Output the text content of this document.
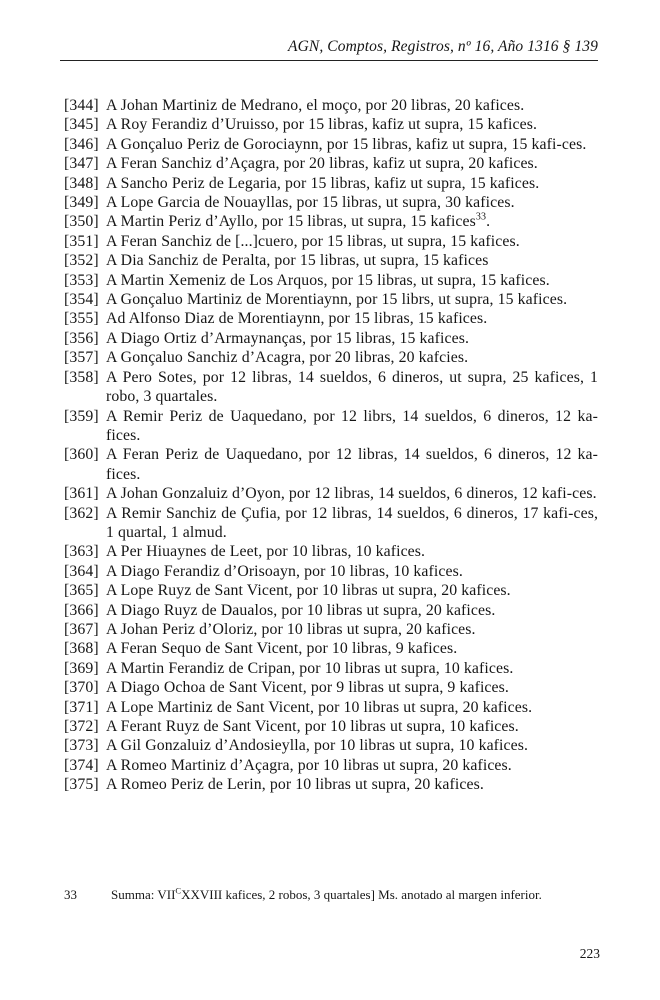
AGN, Comptos, Registros, nº 16, Año 1316 § 139
[344] A Johan Martiniz de Medrano, el moço, por 20 libras, 20 kafices.
[345] A Roy Ferandiz d’Uruisso, por 15 libras, kafiz ut supra, 15 kafices.
[346] A Gonçaluo Periz de Gorociaynn, por 15 libras, kafiz ut supra, 15 kafi-ces.
[347] A Feran Sanchiz d’Açagra, por 20 libras, kafiz ut supra, 20 kafices.
[348] A Sancho Periz de Legaria, por 15 libras, kafiz ut supra, 15 kafices.
[349] A Lope Garcia de Nouayllas, por 15 libras, ut supra, 30 kafices.
[350] A Martin Periz d’Ayllo, por 15 libras, ut supra, 15 kafices$^{33}$.
[351] A Feran Sanchiz de [...]cuero, por 15 libras, ut supra, 15 kafices.
[352] A Dia Sanchiz de Peralta, por 15 libras, ut supra, 15 kafices
[353] A Martin Xemeniz de Los Arquos, por 15 libras, ut supra, 15 kafices.
[354] A Gonçaluo Martiniz de Morentiaynn, por 15 librs, ut supra, 15 kafices.
[355] Ad Alfonso Diaz de Morentiaynn, por 15 libras, 15 kafices.
[356] A Diago Ortiz d’Armaynanças, por 15 libras, 15 kafices.
[357] A Gonçaluo Sanchiz d’Acagra, por 20 libras, 20 kafcies.
[358] A Pero Sotes, por 12 libras, 14 sueldos, 6 dineros, ut supra, 25 kafices, 1 robo, 3 quartales.
[359] A Remir Periz de Uaquedano, por 12 librs, 14 sueldos, 6 dineros, 12 ka-fices.
[360] A Feran Periz de Uaquedano, por 12 libras, 14 sueldos, 6 dineros, 12 ka-fices.
[361] A Johan Gonzaluiz d’Oyon, por 12 libras, 14 sueldos, 6 dineros, 12 kafi-ces.
[362] A Remir Sanchiz de Çufia, por 12 libras, 14 sueldos, 6 dineros, 17 kafi-ces, 1 quartal, 1 almud.
[363] A Per Hiuaynes de Leet, por 10 libras, 10 kafices.
[364] A Diago Ferandiz d’Orisoayn, por 10 libras, 10 kafices.
[365] A Lope Ruyz de Sant Vicent, por 10 libras ut supra, 20 kafices.
[366] A Diago Ruyz de Daualos, por 10 libras ut supra, 20 kafices.
[367] A Johan Periz d’Oloriz, por 10 libras ut supra, 20 kafices.
[368] A Feran Sequo de Sant Vicent, por 10 libras, 9 kafices.
[369] A Martin Ferandiz de Cripan, por 10 libras ut supra, 10 kafices.
[370] A Diago Ochoa de Sant Vicent, por 9 libras ut supra, 9 kafices.
[371] A Lope Martiniz de Sant Vicent, por 10 libras ut supra, 20 kafices.
[372] A Ferant Ruyz de Sant Vicent, por 10 libras ut supra, 10 kafices.
[373] A Gil Gonzaluiz d’Andosieylla, por 10 libras ut supra, 10 kafices.
[374] A Romeo Martiniz d’Açagra, por 10 libras ut supra, 20 kafices.
[375] A Romeo Periz de Lerin, por 10 libras ut supra, 20 kafices.
33	Summa: $VII^CXXVIII$ kafices, 2 robos, 3 quartales] Ms. anotado al margen inferior.
223
